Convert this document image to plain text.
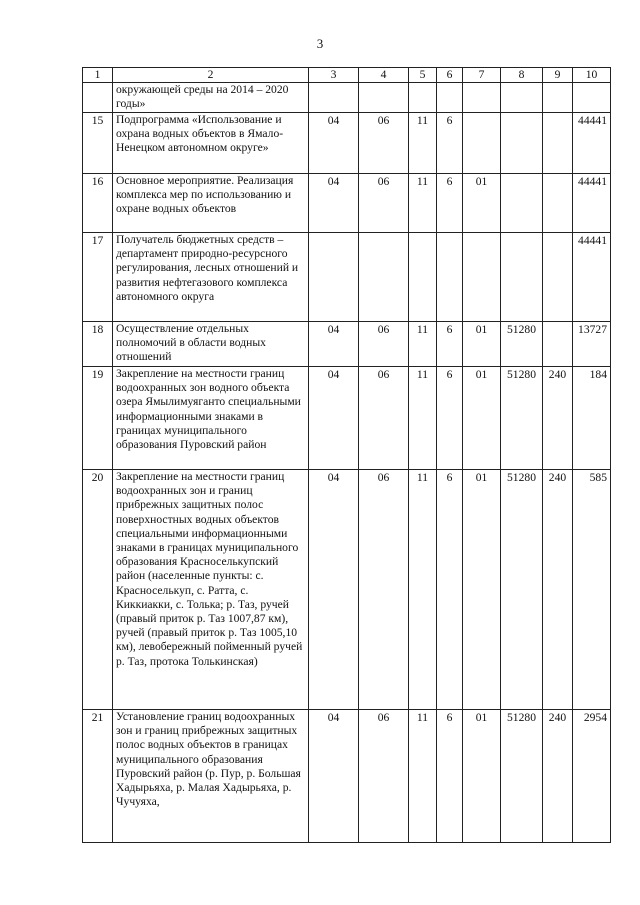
3
1	2	3	4	5	6	7	8	9	10
	окружающей среды на 2014 – 2020 годы»								
15	Подпрограмма «Использование и охрана водных объектов в Ямало-Ненецком автономном округе»	04	06	11	6				44441
16	Основное мероприятие. Реализация комплекса мер по использованию и охране водных объектов	04	06	11	6	01			44441
17	Получатель бюджетных средств – департамент природно-ресурсного регулирования, лесных отношений и развития нефтегазового комплекса автономного округа								44441
18	Осуществление отдельных полномочий в области водных отношений	04	06	11	6	01	51280		13727
19	Закрепление на местности границ водоохранных зон водного объекта озера Ямылимуяганто специальными информационными знаками в границах муниципального образования Пуровский район	04	06	11	6	01	51280	240	184
20	Закрепление на местности границ водоохранных зон и границ прибрежных защитных полос поверхностных водных объектов специальными информационными знаками в границах муниципального образования Красноселькупский район (населенные пункты: с. Красноселькуп, с. Ратта, с. Киккиакки, с. Толька; р. Таз, ручей (правый приток р. Таз 1007,87 км), ручей (правый приток р. Таз 1005,10 км), левобережный пойменный ручей р. Таз, протока Толькинская)	04	06	11	6	01	51280	240	585
21	Установление границ водоохранных зон и границ прибрежных защитных полос водных объектов в границах муниципального образования Пуровский район (р. Пур, р. Большая Хадырьяха, р. Малая Хадырьяха, р. Чучуяха,	04	06	11	6	01	51280	240	2954
